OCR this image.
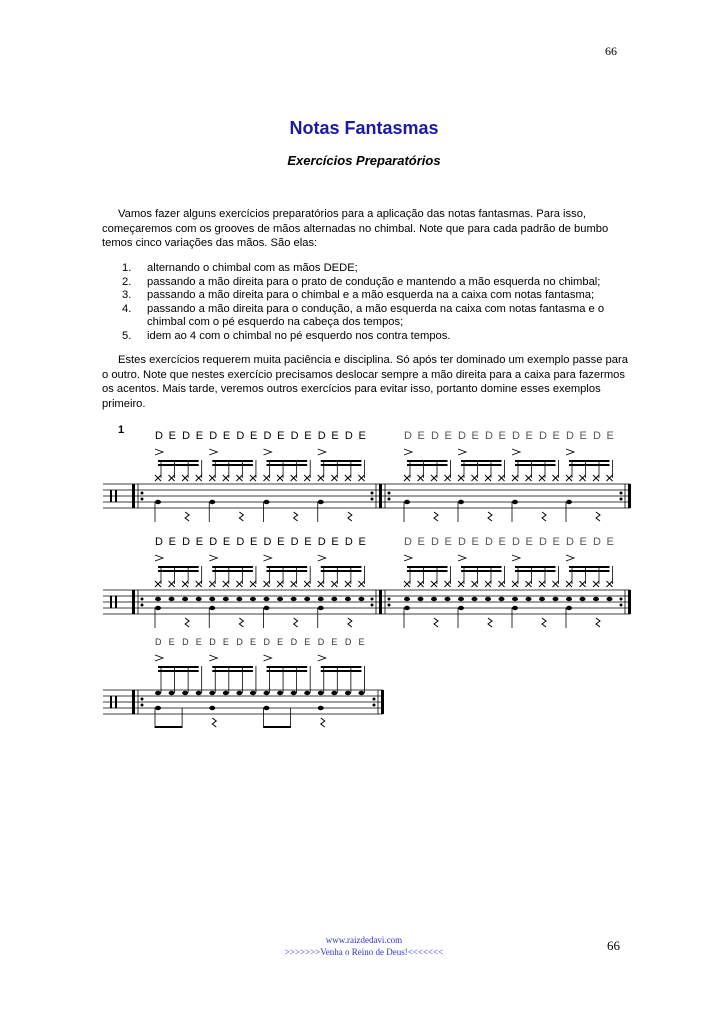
66
Notas Fantasmas
Exercícios Preparatórios

Vamos fazer alguns exercícios preparatórios para a aplicação das notas fantasmas. Para isso, começaremos com os grooves de mãos alternadas no chimbal. Note que para cada padrão de bumbo temos cinco variações das mãos. São elas:

1.	alternando o chimbal com as mãos DEDE;
2.	passando a mão direita para o prato de condução e mantendo a mão esquerda no chimbal;
3.	passando a mão direita para o chimbal e a mão esquerda na a caixa com notas fantasma;
4.	passando a mão direita para o condução, a mão esquerda na caixa com notas fantasma e o chimbal com o pé esquerdo na cabeça dos tempos;
5.	idem ao 4 com o chimbal no pé esquerdo nos contra tempos.

Estes exercícios requerem muita paciência e disciplina. Só após ter dominado um exemplo passe para o outro. Note que nestes exercício precisamos deslocar sempre a mão direita para a caixa para fazermos os acentos. Mais tarde, veremos outros exercícios para evitar isso, portanto domine esses exemplos primeiro.

1	D E D E D E D E D E D E D E D E	D E D E D E D E D E D E D E D E
D E D E D E D E D E D E D E D E	D E D E D E D E D E D E D E D E
D E D E D E D E D E D E D E D E
www.raizdedavi.com
>>>>>>>Venha o Reino de Deus!<<<<<<<	66
